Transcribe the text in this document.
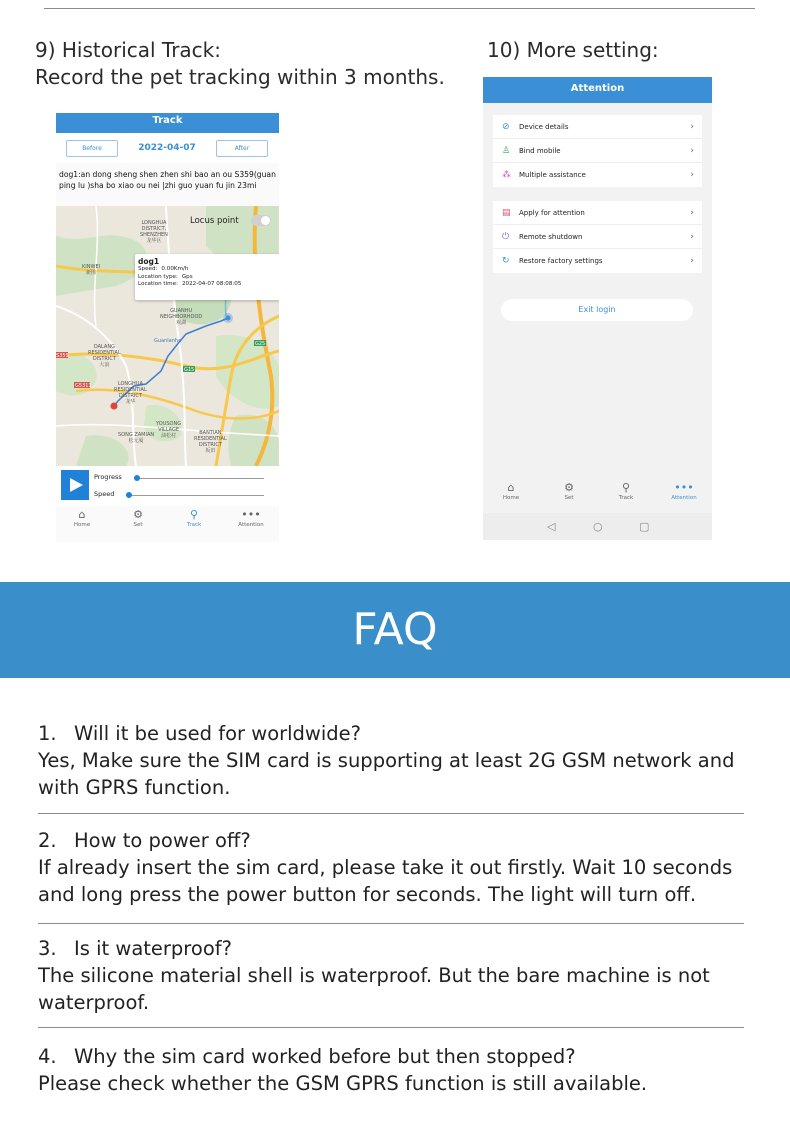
9) Historical Track:
Record the pet tracking within 3 months.
10) More setting:
Track
Before	2022-04-07	After
dog1:an dong sheng shen zhen shi bao an ou S359(guan ping lu )sha bo xiao ou nei |zhi guo yuan fu jin 23mi
LONGHUA
DISTRICT,
SHENZHEN
龙华区
KINWEI
新围
GUANHU
NEIGHBORHOOD
观湖
Guanlanhe
DALANG
RESIDENTIAL
DISTRICT
大浪
LONGHUA
RESIDENTIAL
DISTRICT
龙华
YOUSONG
VILLAGE
油松村
SONG ZAMIAN
松元厦
BANTIAN
RESIDENTIAL
DISTRICT
坂田
S359
G15
G25
G5311
Locus point
dog1
Speed: 0.00Km/h
Location type: Gps
Location time: 2022-04-07 08:08:05
Progress
Speed
⌂
Home
⚙
Set
⚲
Track
•••
Attention
Attention
⊘ Device details	›
♙ Bind mobile	›
⁂ Multiple assistance	›
▤ Apply for attention	›
⏻ Remote shutdown	›
↻ Restore factory settings	›
Exit login
⌂
Home
⚙
Set
⚲
Track
•••
Attention
◁	○	▢
FAQ
1. Will it be used for worldwide?
Yes, Make sure the SIM card is supporting at least 2G GSM network and with GPRS function.
2. How to power off?
If already insert the sim card, please take it out firstly. Wait 10 seconds and long press the power button for seconds. The light will turn off.
3. Is it waterproof?
The silicone material shell is waterproof. But the bare machine is not waterproof.
4. Why the sim card worked before but then stopped?
Please check whether the GSM GPRS function is still available.
